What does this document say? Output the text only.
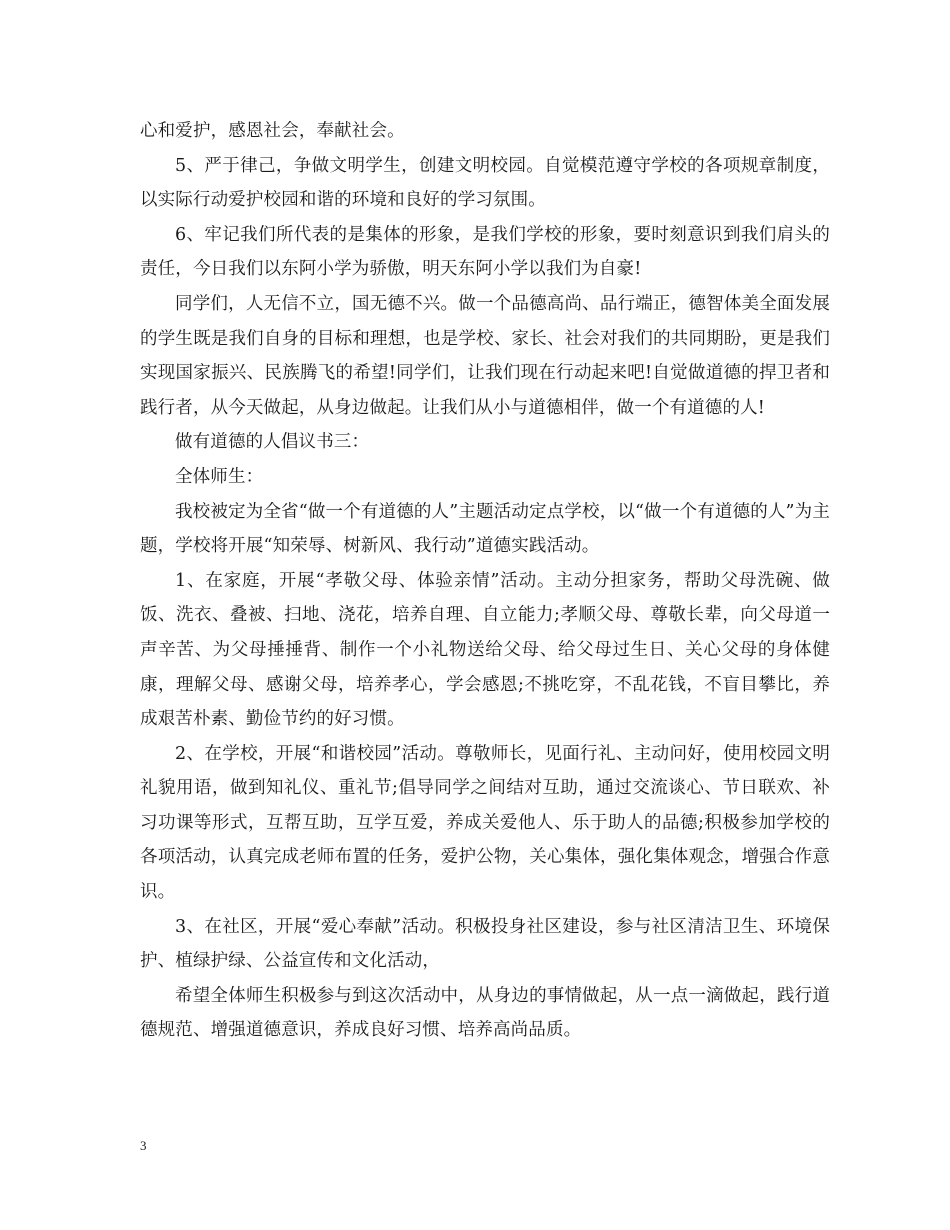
心和爱护，感恩社会，奉献社会。

5、严于律己，争做文明学生，创建文明校园。自觉模范遵守学校的各项规章制度，以实际行动爱护校园和谐的环境和良好的学习氛围。

6、牢记我们所代表的是集体的形象，是我们学校的形象，要时刻意识到我们肩头的责任，今日我们以东阿小学为骄傲，明天东阿小学以我们为自豪!

同学们，人无信不立，国无德不兴。做一个品德高尚、品行端正，德智体美全面发展的学生既是我们自身的目标和理想，也是学校、家长、社会对我们的共同期盼，更是我们实现国家振兴、民族腾飞的希望!同学们，让我们现在行动起来吧!自觉做道德的捍卫者和践行者，从今天做起，从身边做起。让我们从小与道德相伴，做一个有道德的人!

做有道德的人倡议书三：

全体师生：

我校被定为全省“做一个有道德的人”主题活动定点学校，以“做一个有道德的人”为主题，学校将开展“知荣辱、树新风、我行动”道德实践活动。

1、在家庭，开展“孝敬父母、体验亲情”活动。主动分担家务，帮助父母洗碗、做饭、洗衣、叠被、扫地、浇花，培养自理、自立能力;孝顺父母、尊敬长辈，向父母道一声辛苦、为父母捶捶背、制作一个小礼物送给父母、给父母过生日、关心父母的身体健康，理解父母、感谢父母，培养孝心，学会感恩;不挑吃穿，不乱花钱，不盲目攀比，养成艰苦朴素、勤俭节约的好习惯。

2、在学校，开展“和谐校园”活动。尊敬师长，见面行礼、主动问好，使用校园文明礼貌用语，做到知礼仪、重礼节;倡导同学之间结对互助，通过交流谈心、节日联欢、补习功课等形式，互帮互助，互学互爱，养成关爱他人、乐于助人的品德;积极参加学校的各项活动，认真完成老师布置的任务，爱护公物，关心集体，强化集体观念，增强合作意识。

3、在社区，开展“爱心奉献”活动。积极投身社区建设，参与社区清洁卫生、环境保护、植绿护绿、公益宣传和文化活动，

希望全体师生积极参与到这次活动中，从身边的事情做起，从一点一滴做起，践行道德规范、增强道德意识，养成良好习惯、培养高尚品质。

3
